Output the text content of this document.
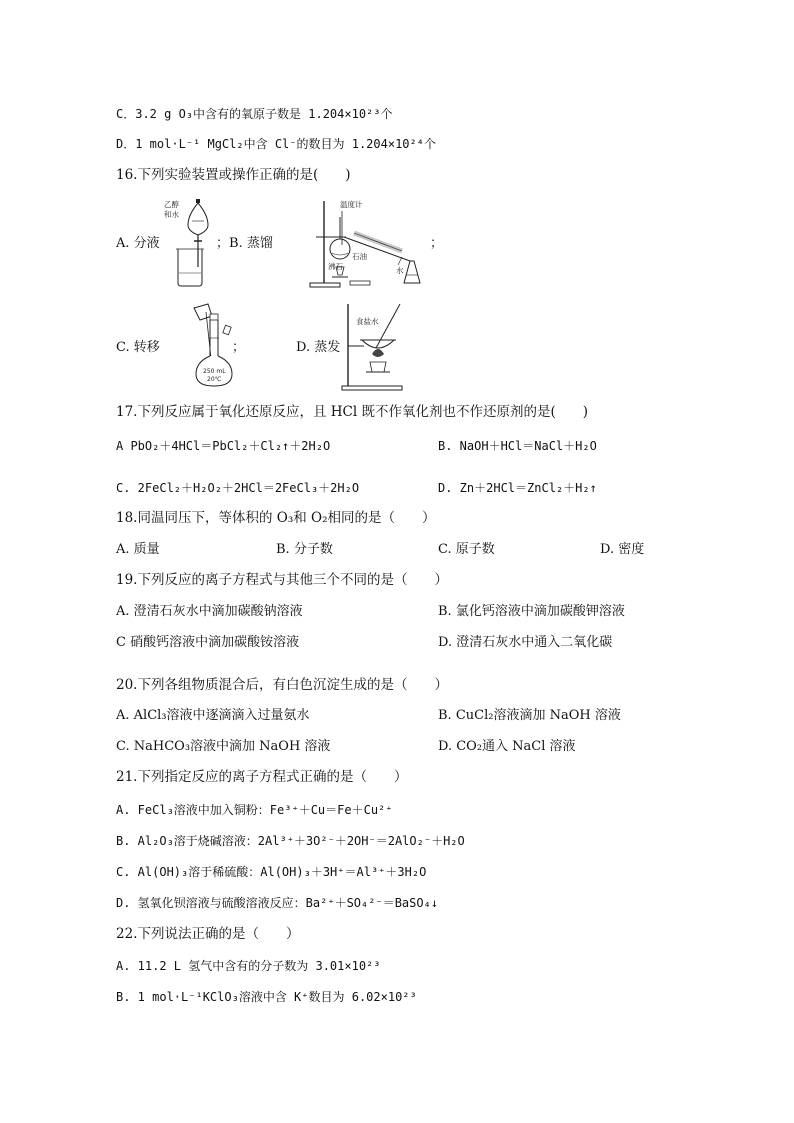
C．3.2 g O₃中含有的氧原子数是 1.204×10²³个
D．1 mol·L⁻¹ MgCl₂中含 Cl⁻的数目为 1.204×10²⁴个
16.下列实验装置或操作正确的是(　　)
A. 分液	；B. 蒸馏	；
C. 转移	；	D. 蒸发
乙醇
和水
温度计
石油
沸石	水
250 mL
20℃
食盐水
17.下列反应属于氧化还原反应，且 HCl 既不作氧化剂也不作还原剂的是(　　)
A PbO₂＋4HCl＝PbCl₂＋Cl₂↑＋2H₂O	B. NaOH＋HCl＝NaCl＋H₂O
C. 2FeCl₂＋H₂O₂＋2HCl＝2FeCl₃＋2H₂O	D. Zn＋2HCl＝ZnCl₂＋H₂↑
18.同温同压下，等体积的 O₃和 O₂相同的是（　　）
A. 质量	B. 分子数	C. 原子数	D. 密度
19.下列反应的离子方程式与其他三个不同的是（　　）
A. 澄清石灰水中滴加碳酸钠溶液	B. 氯化钙溶液中滴加碳酸钾溶液
C 硝酸钙溶液中滴加碳酸铵溶液	D. 澄清石灰水中通入二氧化碳
20.下列各组物质混合后，有白色沉淀生成的是（　　）
A. AlCl₃溶液中逐滴滴入过量氨水	B. CuCl₂溶液滴加 NaOH 溶液
C. NaHCO₃溶液中滴加 NaOH 溶液	D. CO₂通入 NaCl 溶液
21.下列指定反应的离子方程式正确的是（　　）
A. FeCl₃溶液中加入铜粉：Fe³⁺＋Cu＝Fe＋Cu²⁺
B. Al₂O₃溶于烧碱溶液：2Al³⁺＋3O²⁻＋2OH⁻＝2AlO₂⁻＋H₂O
C. Al(OH)₃溶于稀硫酸：Al(OH)₃＋3H⁺＝Al³⁺＋3H₂O
D. 氢氧化钡溶液与硫酸溶液反应：Ba²⁺＋SO₄²⁻＝BaSO₄↓
22.下列说法正确的是（　　）
A. 11.2 L 氢气中含有的分子数为 3.01×10²³
B. 1 mol·L⁻¹KClO₃溶液中含 K⁺数目为 6.02×10²³
